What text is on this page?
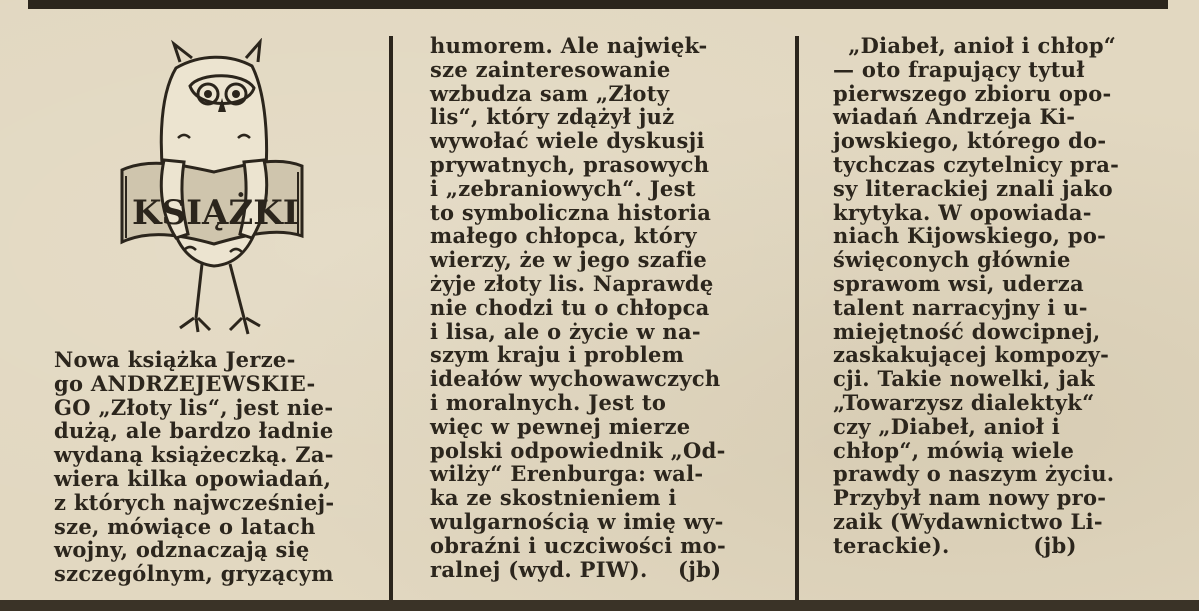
KSIĄŻKI
Nowa książka Jerze-
go ANDRZEJEWSKIE-
GO „Złoty lis“, jest nie-
dużą, ale bardzo ładnie
wydaną książeczką. Za-
wiera kilka opowiadań,
z których najwcześniej-
sze, mówiące o latach
wojny, odznaczają się
szczególnym, gryzącym
humorem. Ale najwięk-
sze zainteresowanie
wzbudza sam „Złoty
lis“, który zdążył już
wywołać wiele dyskusji
prywatnych, prasowych
i „zebraniowych“. Jest
to symboliczna historia
małego chłopca, który
wierzy, że w jego szafie
żyje złoty lis. Naprawdę
nie chodzi tu o chłopca
i lisa, ale o życie w na-
szym kraju i problem
ideałów wychowawczych
i moralnych. Jest to
więc w pewnej mierze
polski odpowiednik „Od-
wilży“ Erenburga: wal-
ka ze skostnieniem i
wulgarnością w imię wy-
obraźni i uczciwości mo-
ralnej (wyd. PIW).    (jb)
„Diabeł, anioł i chłop“
— oto frapujący tytuł
pierwszego zbioru opo-
wiadań Andrzeja Ki-
jowskiego, którego do-
tychczas czytelnicy pra-
sy literackiej znali jako
krytyka. W opowiada-
niach Kijowskiego, po-
święconych głównie
sprawom wsi, uderza
talent narracyjny i u-
miejętność dowcipnej,
zaskakującej kompozy-
cji. Takie nowelki, jak
„Towarzysz dialektyk“
czy „Diabeł, anioł i
chłop“, mówią wiele
prawdy o naszym życiu.
Przybył nam nowy pro-
zaik (Wydawnictwo Li-
terackie).           (jb)
